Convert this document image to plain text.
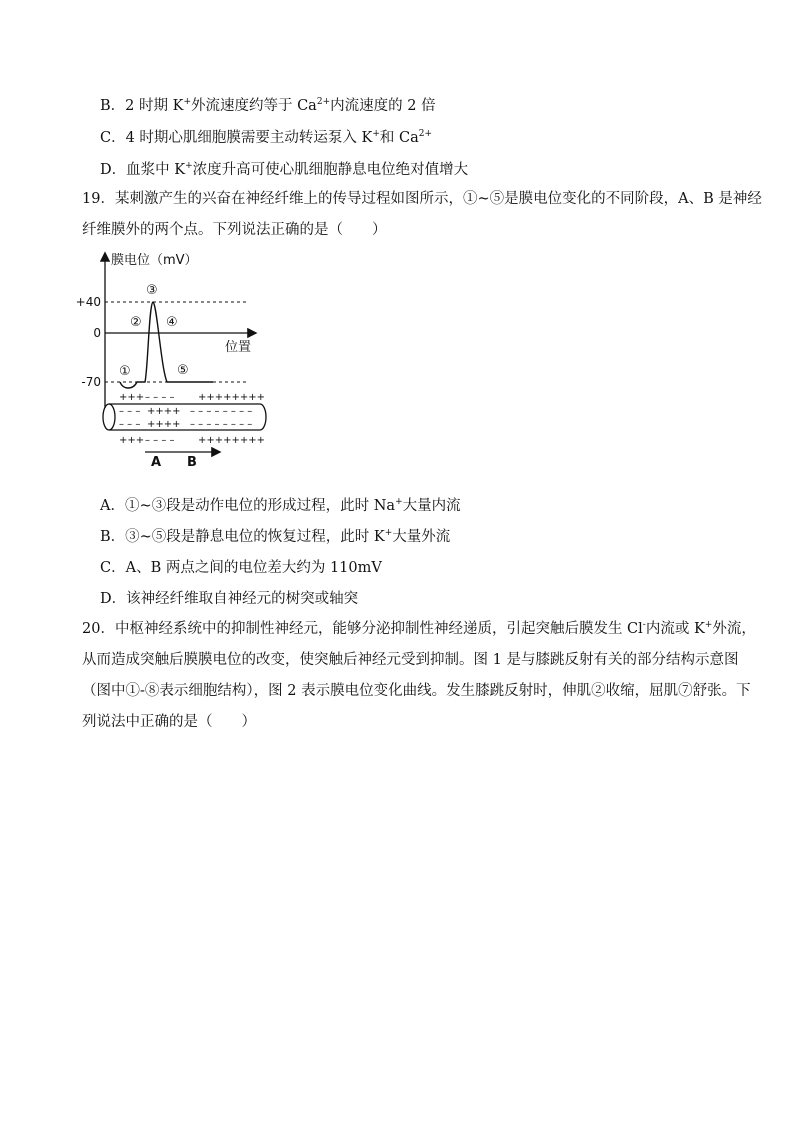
B．2 时期 K+外流速度约等于 $Ca^{2+}$内流速度的 2 倍
C．4 时期心肌细胞膜需要主动转运泵入 K+和 $Ca^{2+}$
D．血浆中 K+浓度升高可使心肌细胞静息电位绝对值增大
19．某刺激产生的兴奋在神经纤维上的传导过程如图所示，①~⑤是膜电位变化的不同阶段，A、B 是神经
纤维膜外的两个点。下列说法正确的是（　　）
膜电位（mV）
位置
+40
0
-70
①
②
③
④
⑤
+++ – – – – ++++++++
– – – ++++ – – – – – – – –
– – – ++++ – – – – – – – –
+++ – – – – ++++++++
A B
A．①~③段是动作电位的形成过程，此时 Na+大量内流
B．③~⑤段是静息电位的恢复过程，此时 K+大量外流
C．A、B 两点之间的电位差大约为 110mV
D．该神经纤维取自神经元的树突或轴突
20．中枢神经系统中的抑制性神经元，能够分泌抑制性神经递质，引起突触后膜发生 Cl-内流或 K+外流，
从而造成突触后膜膜电位的改变，使突触后神经元受到抑制。图 1 是与膝跳反射有关的部分结构示意图
（图中①-⑧表示细胞结构），图 2 表示膜电位变化曲线。发生膝跳反射时，伸肌②收缩，屈肌⑦舒张。下
列说法中正确的是（　　）
